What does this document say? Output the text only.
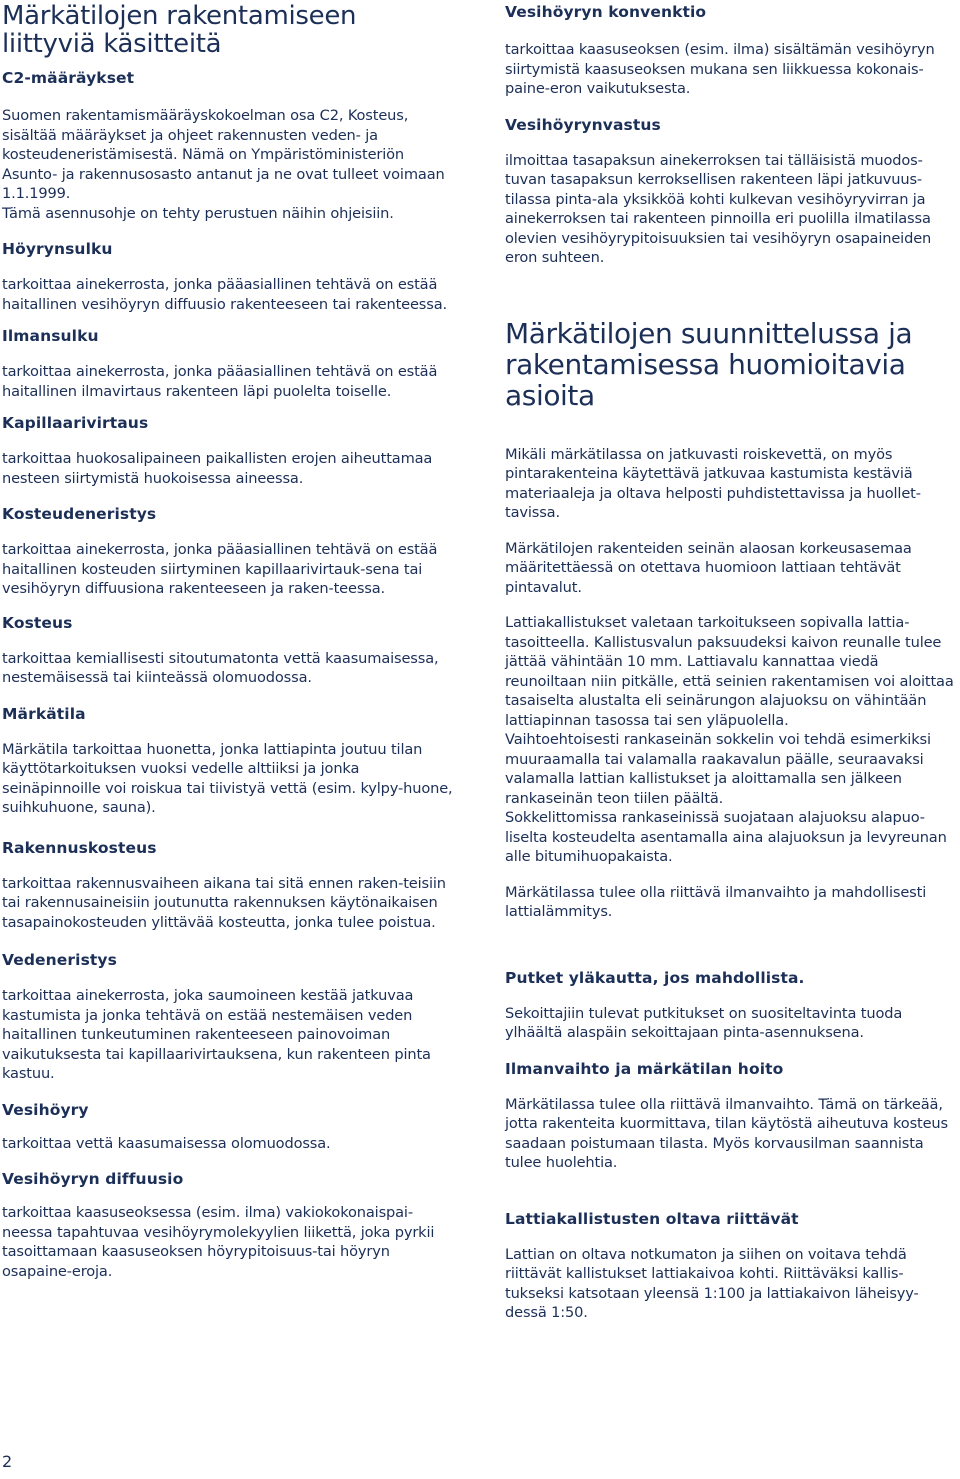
Märkätilojen rakentamiseen
liittyviä käsitteitä
C2-määräykset

Suomen rakentamismääräyskokoelman osa C2, Kosteus, sisältää määräykset ja ohjeet rakennusten veden- ja kosteudeneristämisestä. Nämä on Ympäristöministeriön Asunto- ja rakennusosasto antanut ja ne ovat tulleet voimaan 1.1.1999.

Tämä asennusohje on tehty perustuen näihin ohjeisiin.

Höyrynsulku

tarkoittaa ainekerrosta, jonka pääasiallinen tehtävä on estää haitallinen vesihöyryn diffuusio rakenteeseen tai rakenteessa.

Ilmansulku

tarkoittaa ainekerrosta, jonka pääasiallinen tehtävä on estää haitallinen ilmavirtaus rakenteen läpi puolelta toiselle.

Kapillaarivirtaus

tarkoittaa huokosalipaineen paikallisten erojen aiheuttamaa nesteen siirtymistä huokoisessa aineessa.

Kosteudeneristys

tarkoittaa ainekerrosta, jonka pääasiallinen tehtävä on estää haitallinen kosteuden siirtyminen kapillaarivirtauk-sena tai vesihöyryn diffuusiona rakenteeseen ja raken-teessa.

Kosteus

tarkoittaa kemiallisesti sitoutumatonta vettä kaasumaisessa, nestemäisessä tai kiinteässä olomuodossa.

Märkätila

Märkätila tarkoittaa huonetta, jonka lattiapinta joutuu tilan käyttötarkoituksen vuoksi vedelle alttiiksi ja jonka seinäpinnoille voi roiskua tai tiivistyä vettä (esim. kylpy-huone, suihkuhuone, sauna).

Rakennuskosteus

tarkoittaa rakennusvaiheen aikana tai sitä ennen raken-teisiin tai rakennusaineisiin joutunutta rakennuksen käytönaikaisen tasapainokosteuden ylittävää kosteutta, jonka tulee poistua.

Vedeneristys

tarkoittaa ainekerrosta, joka saumoineen kestää jatkuvaa kastumista ja jonka tehtävä on estää nestemäisen veden haitallinen tunkeutuminen rakenteeseen painovoiman vaikutuksesta tai kapillaarivirtauksena, kun rakenteen pinta kastuu.

Vesihöyry

tarkoittaa vettä kaasumaisessa olomuodossa.

Vesihöyryn diffuusio

tarkoittaa kaasuseoksessa (esim. ilma) vakiokokonaispai-neessa tapahtuvaa vesihöyrymolekyylien liikettä, joka pyrkii tasoittamaan kaasuseoksen höyrypitoisuus-tai höyryn osapaine-eroja.

2
Vesihöyryn konvenktio

tarkoittaa kaasuseoksen (esim. ilma) sisältämän vesihöyryn siirtymistä kaasuseoksen mukana sen liikkuessa kokonais-paine-eron vaikutuksesta.

Vesihöyrynvastus

ilmoittaa tasapaksun ainekerroksen tai tälläisistä muodos-tuvan tasapaksun kerroksellisen rakenteen läpi jatkuvuus-tilassa pinta-ala yksikköä kohti kulkevan vesihöyryvirran ja ainekerroksen tai rakenteen pinnoilla eri puolilla ilmatilassa olevien vesihöyrypitoisuuksien tai vesihöyryn osapaineiden eron suhteen.

Märkätilojen suunnittelussa ja
rakentamisessa huomioitavia asioita

Mikäli märkätilassa on jatkuvasti roiskevettä, on myös pintarakenteina käytettävä jatkuvaa kastumista kestäviä materiaaleja ja oltava helposti puhdistettavissa ja huollet-tavissa.

Märkätilojen rakenteiden seinän alaosan korkeusasemaa määritettäessä on otettava huomioon lattiaan tehtävät pintavalut.

Lattiakallistukset valetaan tarkoitukseen sopivalla lattia-tasoitteella. Kallistusvalun paksuudeksi kaivon reunalle tulee jättää vähintään 10 mm. Lattiavalu kannattaa viedä reunoiltaan niin pitkälle, että seinien rakentamisen voi aloittaa tasaiselta alustalta eli seinärungon alajuoksu on vähintään lattiapinnan tasossa tai sen yläpuolella.

Vaihtoehtoisesti rankaseinän sokkelin voi tehdä esimerkiksi muuraamalla tai valamalla raakavalun päälle, seuraavaksi valamalla lattian kallistukset ja aloittamalla sen jälkeen rankaseinän teon tiilen päältä.

Sokkelittomissa rankaseinissä suojataan alajuoksu alapuo-liselta kosteudelta asentamalla aina alajuoksun ja levyreunan alle bitumihuopakaista.

Märkätilassa tulee olla riittävä ilmanvaihto ja mahdollisesti lattialämmitys.

Putket yläkautta, jos mahdollista.

Sekoittajiin tulevat putkitukset on suositeltavinta tuoda ylhäältä alaspäin sekoittajaan pinta-asennuksena.

Ilmanvaihto ja märkätilan hoito

Märkätilassa tulee olla riittävä ilmanvaihto. Tämä on tärkeää, jotta rakenteita kuormittava, tilan käytöstä aiheutuva kosteus saadaan poistumaan tilasta. Myös korvausilman saannista tulee huolehtia.

Lattiakallistusten oltava riittävät

Lattian on oltava notkumaton ja siihen on voitava tehdä riittävät kallistukset lattiakaivoa kohti. Riittäväksi kallis-tukseksi katsotaan yleensä 1:100 ja lattiakaivon läheisyy-dessä 1:50.
